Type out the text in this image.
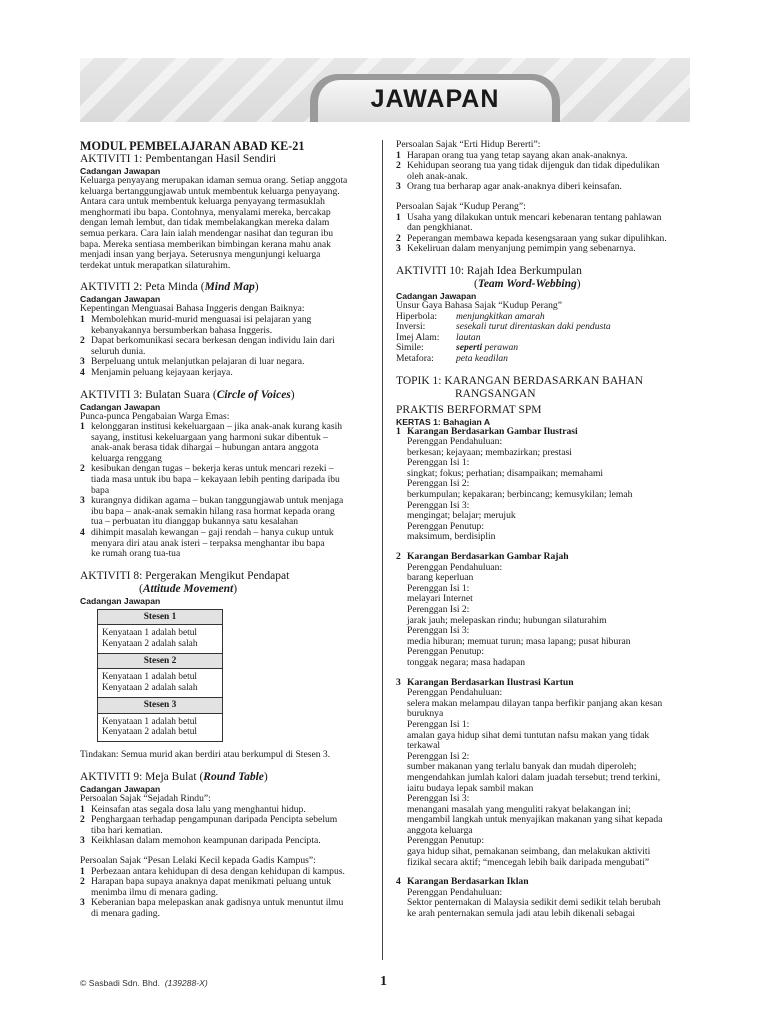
JAWAPAN
MODUL PEMBELAJARAN ABAD KE-21
AKTIVITI 1: Pembentangan Hasil Sendiri
Cadangan Jawapan
Keluarga penyayang merupakan idaman semua orang. Setiap anggota
keluarga bertanggungjawab untuk membentuk keluarga penyayang.
Antara cara untuk membentuk keluarga penyayang termasuklah
menghormati ibu bapa. Contohnya, menyalami mereka, bercakap
dengan lemah lembut, dan tidak membelakangkan mereka dalam
semua perkara. Cara lain ialah mendengar nasihat dan teguran ibu
bapa. Mereka sentiasa memberikan bimbingan kerana mahu anak
menjadi insan yang berjaya. Seterusnya mengunjungi keluarga
terdekat untuk merapatkan silaturahim.
AKTIVITI 2: Peta Minda (Mind Map)
Cadangan Jawapan
Kepentingan Menguasai Bahasa Inggeris dengan Baiknya:
1 Membolehkan murid-murid menguasai isi pelajaran yang
kebanyakannya bersumberkan bahasa Inggeris.
2 Dapat berkomunikasi secara berkesan dengan individu lain dari
seluruh dunia.
3 Berpeluang untuk melanjutkan pelajaran di luar negara.
4 Menjamin peluang kejayaan kerjaya.
AKTIVITI 3: Bulatan Suara (Circle of Voices)
Cadangan Jawapan
Punca-punca Pengabaian Warga Emas:
1 kelonggaran institusi kekeluargaan – jika anak-anak kurang kasih
sayang, institusi kekeluargaan yang harmoni sukar dibentuk –
anak-anak berasa tidak dihargai – hubungan antara anggota
keluarga renggang
2 kesibukan dengan tugas – bekerja keras untuk mencari rezeki –
tiada masa untuk ibu bapa – kekayaan lebih penting daripada ibu
bapa
3 kurangnya didikan agama – bukan tanggungjawab untuk menjaga
ibu bapa – anak-anak semakin hilang rasa hormat kepada orang
tua – perbuatan itu dianggap bukannya satu kesalahan
4 dihimpit masalah kewangan – gaji rendah – hanya cukup untuk
menyara diri atau anak isteri – terpaksa menghantar ibu bapa
ke rumah orang tua-tua
AKTIVITI 8: Pergerakan Mengikut Pendapat
(Attitude Movement)
Cadangan Jawapan
Stesen 1
Kenyataan 1 adalah betul
Kenyataan 2 adalah salah
Stesen 2
Kenyataan 1 adalah betul
Kenyataan 2 adalah salah
Stesen 3
Kenyataan 1 adalah betul
Kenyataan 2 adalah betul
Tindakan: Semua murid akan berdiri atau berkumpul di Stesen 3.
AKTIVITI 9: Meja Bulat (Round Table)
Cadangan Jawapan
Persoalan Sajak “Sejadah Rindu”:
1 Keinsafan atas segala dosa lalu yang menghantui hidup.
2 Penghargaan terhadap pengampunan daripada Pencipta sebelum
tiba hari kematian.
3 Keikhlasan dalam memohon keampunan daripada Pencipta.
Persoalan Sajak “Pesan Lelaki Kecil kepada Gadis Kampus”:
1 Perbezaan antara kehidupan di desa dengan kehidupan di kampus.
2 Harapan bapa supaya anaknya dapat menikmati peluang untuk
menimba ilmu di menara gading.
3 Keberanian bapa melepaskan anak gadisnya untuk menuntut ilmu
di menara gading.
Persoalan Sajak “Erti Hidup Bererti”:
1 Harapan orang tua yang tetap sayang akan anak-anaknya.
2 Kehidupan seorang tua yang tidak dijenguk dan tidak dipedulikan
oleh anak-anak.
3 Orang tua berharap agar anak-anaknya diberi keinsafan.
Persoalan Sajak “Kudup Perang”:
1 Usaha yang dilakukan untuk mencari kebenaran tentang pahlawan
dan pengkhianat.
2 Peperangan membawa kepada kesengsaraan yang sukar dipulihkan.
3 Kekeliruan dalam menyanjung pemimpin yang sebenarnya.
AKTIVITI 10: Rajah Idea Berkumpulan
(Team Word-Webbing)
Cadangan Jawapan
Unsur Gaya Bahasa Sajak “Kudup Perang”
Hiperbola:	menjungkitkan amarah
Inversi:	sesekali turut direntaskan daki pendusta
Imej Alam:	lautan
Simile:	seperti perawan
Metafora:	peta keadilan
TOPIK 1: KARANGAN BERDASARKAN BAHAN
RANGSANGAN
PRAKTIS BERFORMAT SPM
KERTAS 1: Bahagian A
1 Karangan Berdasarkan Gambar Ilustrasi
Perenggan Pendahuluan:
berkesan; kejayaan; membazirkan; prestasi
Perenggan Isi 1:
singkat; fokus; perhatian; disampaikan; memahami
Perenggan Isi 2:
berkumpulan; kepakaran; berbincang; kemusykilan; lemah
Perenggan Isi 3:
mengingat; belajar; merujuk
Perenggan Penutup:
maksimum, berdisiplin
2 Karangan Berdasarkan Gambar Rajah
Perenggan Pendahuluan:
barang keperluan
Perenggan Isi 1:
melayari Internet
Perenggan Isi 2:
jarak jauh; melepaskan rindu; hubungan silaturahim
Perenggan Isi 3:
media hiburan; memuat turun; masa lapang; pusat hiburan
Perenggan Penutup:
tonggak negara; masa hadapan
3 Karangan Berdasarkan Ilustrasi Kartun
Perenggan Pendahuluan:
selera makan melampau dilayan tanpa berfikir panjang akan kesan
buruknya
Perenggan Isi 1:
amalan gaya hidup sihat demi tuntutan nafsu makan yang tidak
terkawal
Perenggan Isi 2:
sumber makanan yang terlalu banyak dan mudah diperoleh;
mengendahkan jumlah kalori dalam juadah tersebut; trend terkini,
iaitu budaya lepak sambil makan
Perenggan Isi 3:
menangani masalah yang menguliti rakyat belakangan ini;
mengambil langkah untuk menyajikan makanan yang sihat kepada
anggota keluarga
Perenggan Penutup:
gaya hidup sihat, pemakanan seimbang, dan melakukan aktiviti
fizikal secara aktif; “mencegah lebih baik daripada mengubati”
4 Karangan Berdasarkan Iklan
Perenggan Pendahuluan:
Sektor penternakan di Malaysia sedikit demi sedikit telah berubah
ke arah penternakan semula jadi atau lebih dikenali sebagai
© Sasbadi Sdn. Bhd. (139288-X)	1
